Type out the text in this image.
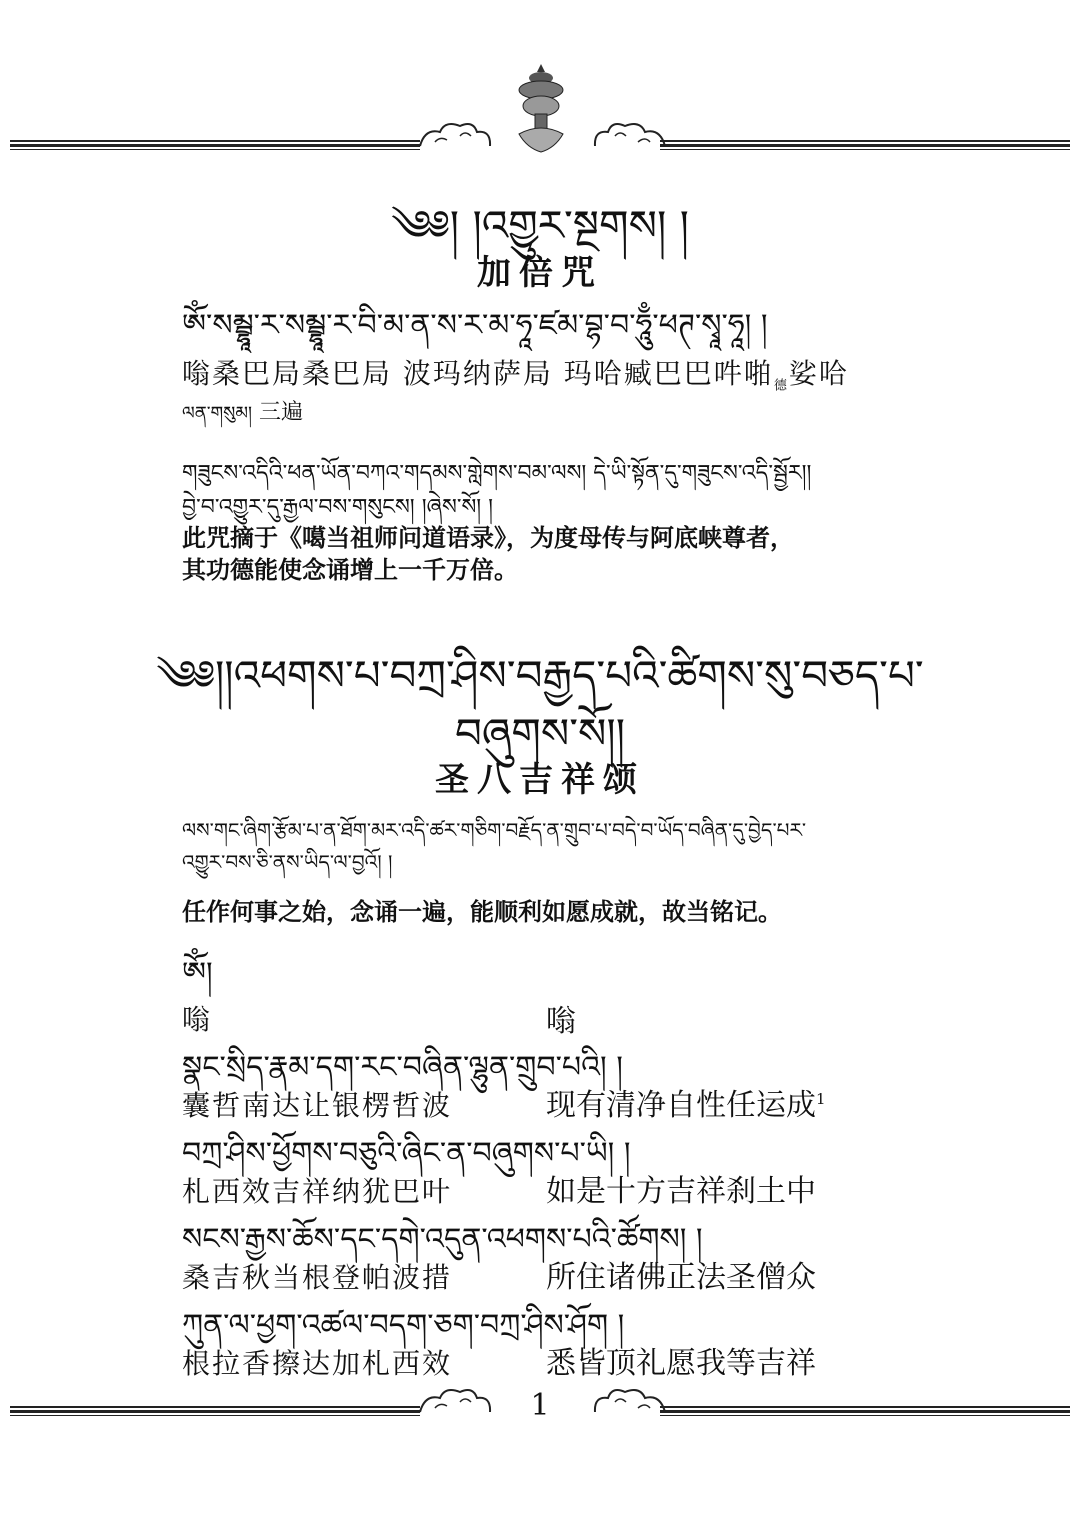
༄༅། །འགྱུར་སྔགས། །
加倍咒
ཨོཾ་སམྦྷཱ་ར་སམྦྷཱ་ར་བི་མ་ན་ས་ར་མ་ཧཱ་ཛམ་བྷ་བ་ཧཱུྃ་ཕཊ་སྭཱ་ཧཱ། །
嗡桑巴局桑巴局 波玛纳萨局 玛哈臧巴巴吽啪$_德$娑哈
ལན་གསུམ། 三遍
གཟུངས་འདིའི་ཕན་ཡོན་བཀའ་གདམས་གླེགས་བམ་ལས། དེ་ཡི་སྟོན་དུ་གཟུངས་འདི་སྦྱོར།།
བྱེ་བ་འགྱུར་དུ་རྒྱལ་བས་གསུངས། །ཞེས་སོ། །
此咒摘于《噶当祖师问道语录》，为度母传与阿底峡尊者，
其功德能使念诵增上一千万倍。
༄༅།།འཕགས་པ་བཀྲ་ཤིས་བརྒྱད་པའི་ཚིགས་སུ་བཅད་པ་
བཞུགས་སོ།།
圣八吉祥颂
ལས་གང་ཞིག་རྩོམ་པ་ན་ཐོག་མར་འདི་ཚར་གཅིག་བརྗོད་ན་གྲུབ་པ་བདེ་བ་ཡོད་བཞིན་དུ་བྱེད་པར་
འགྱུར་བས་ཅི་ནས་ཡིད་ལ་བྱའོ། །
任作何事之始，念诵一遍，能顺利如愿成就，故当铭记。
ཨོཾ།
嗡	嗡
སྣང་སྲིད་རྣམ་དག་རང་བཞིན་ལྷུན་གྲུབ་པའི། །
囊哲南达让银楞哲波	现有清净自性任运成$^1$
བཀྲ་ཤིས་ཕྱོགས་བཅུའི་ཞིང་ན་བཞུགས་པ་ཡི། །
札西效吉祥纳犹巴叶	如是十方吉祥刹土中
སངས་རྒྱས་ཆོས་དང་དགེ་འདུན་འཕགས་པའི་ཚོགས། །
桑吉秋当根登帕波措	所住诸佛正法圣僧众
ཀུན་ལ་ཕྱག་འཚལ་བདག་ཅག་བཀྲ་ཤིས་ཤོག །
根拉香擦达加札西效	悉皆顶礼愿我等吉祥
1
